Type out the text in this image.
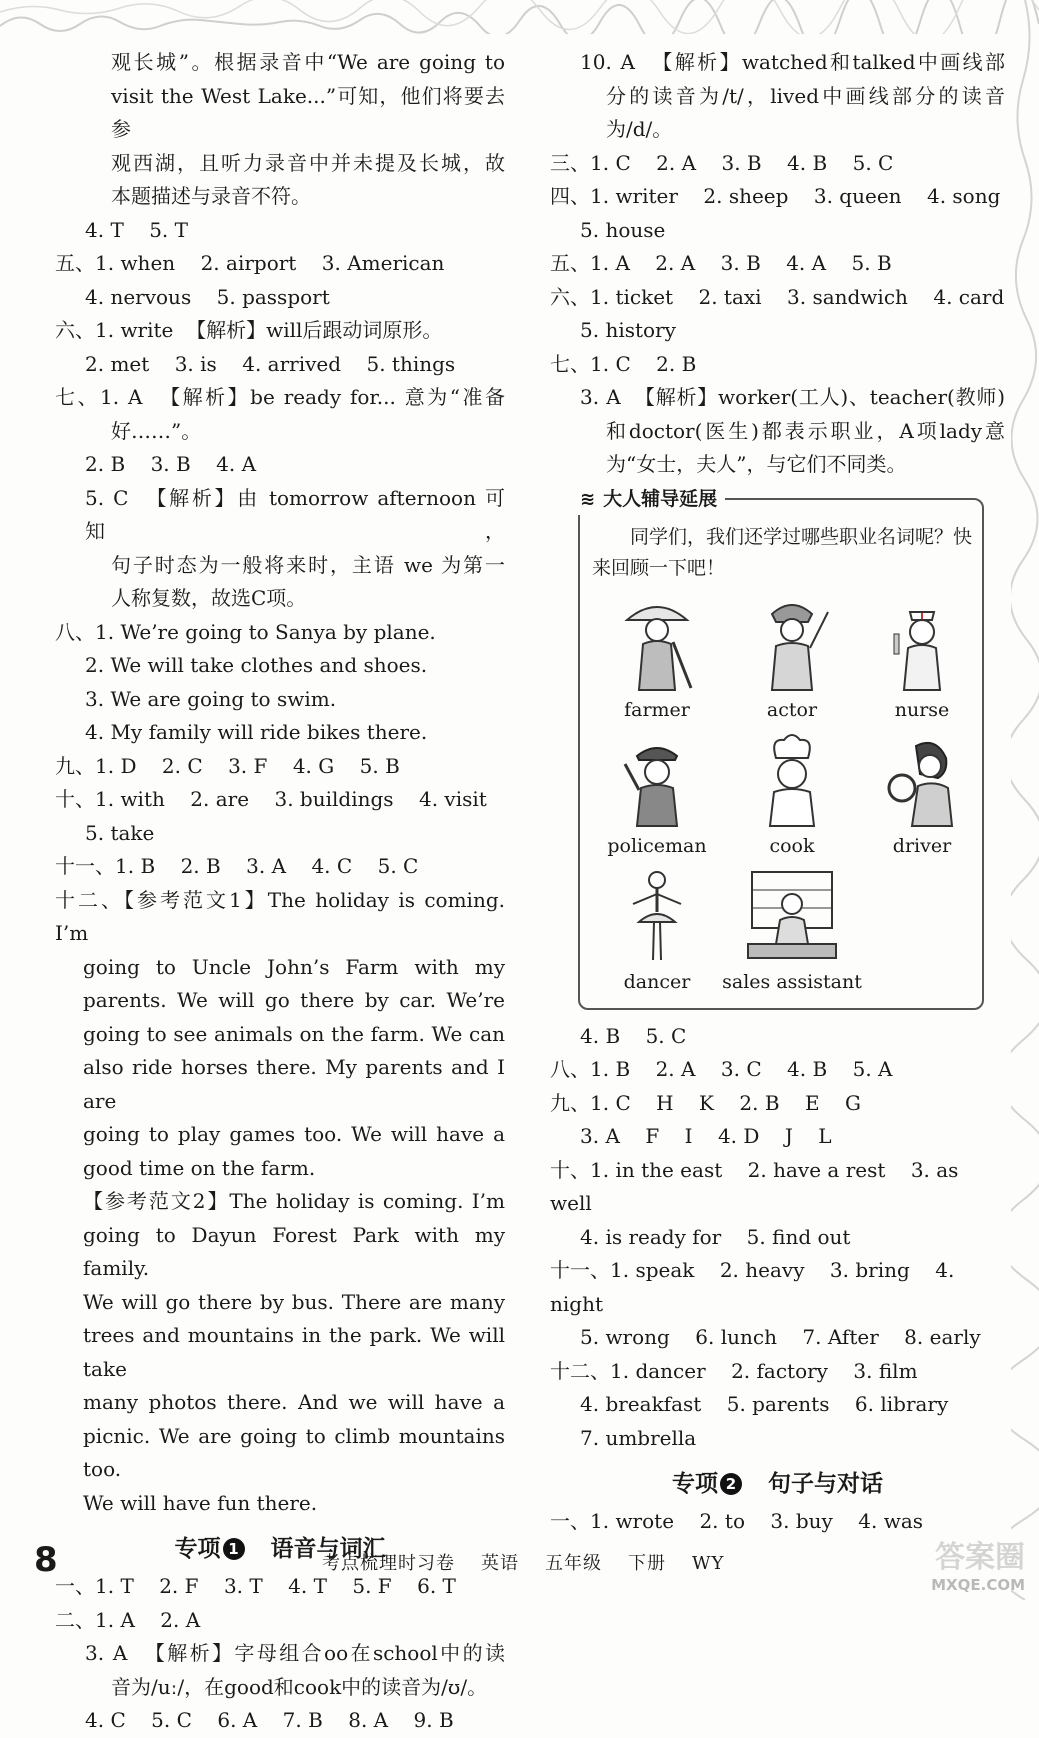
观长城”。根据录音中“We are going to
visit the West Lake...”可知，他们将要去参
观西湖，且听力录音中并未提及长城，故
本题描述与录音不符。
4. T    5. T
五、1. when    2. airport    3. American
4. nervous    5. passport
六、1. write  【解析】will后跟动词原形。
2. met    3. is    4. arrived    5. things
七、1. A  【解析】be ready for... 意为“准备
好……”。
2. B    3. B    4. A
5. C  【解析】由 tomorrow afternoon 可知，
句子时态为一般将来时，主语 we 为第一
人称复数，故选C项。
八、1. We’re going to Sanya by plane.
2. We will take clothes and shoes.
3. We are going to swim.
4. My family will ride bikes there.
九、1. D    2. C    3. F    4. G    5. B
十、1. with    2. are    3. buildings    4. visit
5. take
十一、1. B    2. B    3. A    4. C    5. C
十二、【参考范文1】The holiday is coming. I’m
going to Uncle John’s Farm with my
parents. We will go there by car. We’re
going to see animals on the farm. We can
also ride horses there. My parents and I are
going to play games too. We will have a
good time on the farm.
【参考范文2】The holiday is coming. I’m
going to Dayun Forest Park with my family.
We will go there by bus. There are many
trees and mountains in the park. We will take
many photos there. And we will have a
picnic. We are going to climb mountains too.
We will have fun there.
专项 1 语音与词汇
一、1. T    2. F    3. T    4. T    5. F    6. T
二、1. A    2. A
3. A  【解析】字母组合oo在school中的读
音为/uː/，在good和cook中的读音为/ʊ/。
4. C    5. C    6. A    7. B    8. A    9. B
10. A  【解析】watched和talked中画线部
分的读音为/t/，lived中画线部分的读音
为/d/。
三、1. C    2. A    3. B    4. B    5. C
四、1. writer    2. sheep    3. queen    4. song
5. house
五、1. A    2. A    3. B    4. A    5. B
六、1. ticket    2. taxi    3. sandwich    4. card
5. history
七、1. C    2. B
3. A  【解析】worker(工人)、teacher(教师)
和doctor(医生)都表示职业，A项lady意
为“女士，夫人”，与它们不同类。
≋ 大人辅导延展
同学们，我们还学过哪些职业名词呢？快来回顾一下吧！
farmer	actor	nurse
policeman	cook	driver
dancer	sales assistant
4. B    5. C
八、1. B    2. A    3. C    4. B    5. A
九、1. C    H    K    2. B    E    G
3. A    F    I    4. D    J    L
十、1. in the east    2. have a rest    3. as well
4. is ready for    5. find out
十一、1. speak    2. heavy    3. bring    4. night
5. wrong    6. lunch    7. After    8. early
十二、1. dancer    2. factory    3. film
4. breakfast    5. parents    6. library
7. umbrella
专项 2 句子与对话
一、1. wrote    2. to    3. buy    4. was
8	考点梳理时习卷 英语 五年级 下册 WY	答案圈
MXQE.COM
